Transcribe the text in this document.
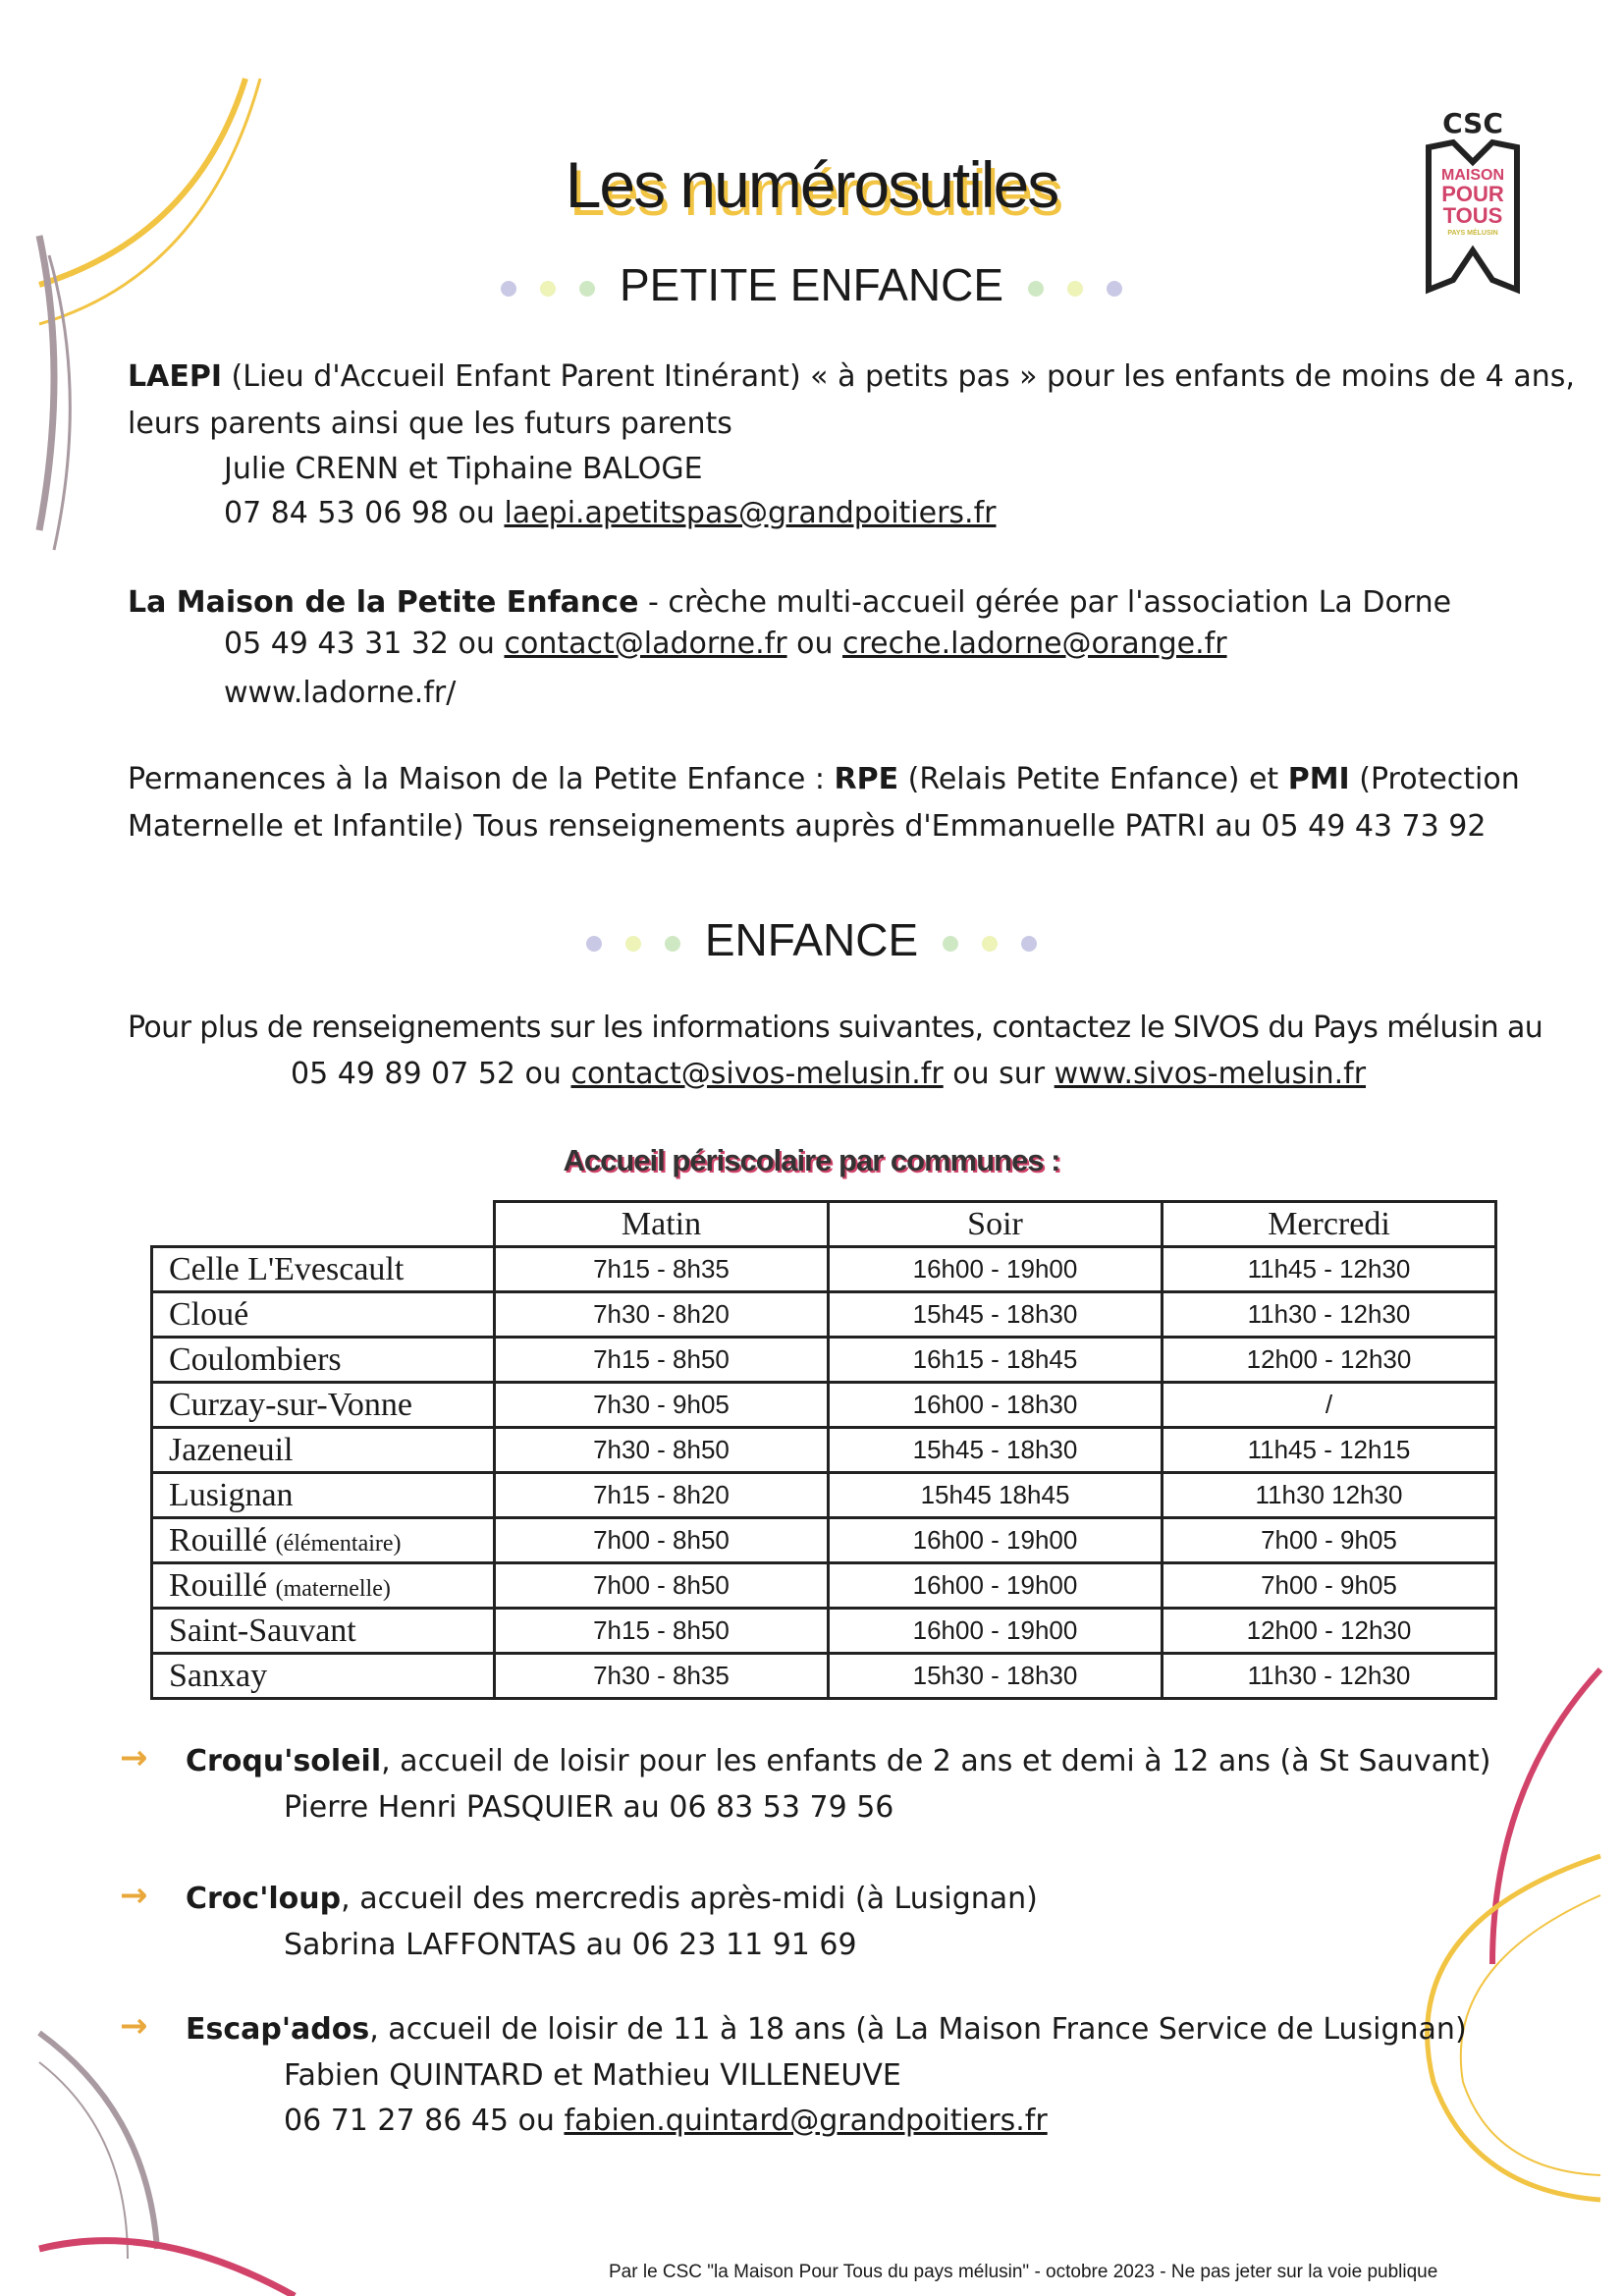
CSC
MAISON
POUR
TOUS
PAYS MÉLUSIN
Les numérosutiles
PETITE ENFANCE
LAEPI (Lieu d'Accueil Enfant Parent Itinérant) « à petits pas » pour les enfants de moins de 4 ans,
leurs parents ainsi que les futurs parents
Julie CRENN et Tiphaine BALOGE
07 84 53 06 98 ou laepi.apetitspas@grandpoitiers.fr
La Maison de la Petite Enfance - crèche multi-accueil gérée par l'association La Dorne
05 49 43 31 32 ou contact@ladorne.fr ou creche.ladorne@orange.fr
www.ladorne.fr/
Permanences à la Maison de la Petite Enfance : RPE (Relais Petite Enfance) et PMI (Protection
Maternelle et Infantile) Tous renseignements auprès d'Emmanuelle PATRI au 05 49 43 73 92
ENFANCE
Pour plus de renseignements sur les informations suivantes, contactez le SIVOS du Pays mélusin au
05 49 89 07 52 ou contact@sivos-melusin.fr ou sur www.sivos-melusin.fr
Accueil périscolaire par communes :
	Matin	Soir	Mercredi
Celle L'Evescault	7h15 - 8h35	16h00 - 19h00	11h45 - 12h30
Cloué	7h30 - 8h20	15h45 - 18h30	11h30 - 12h30
Coulombiers	7h15 - 8h50	16h15 - 18h45	12h00 - 12h30
Curzay-sur-Vonne	7h30 - 9h05	16h00 - 18h30	/
Jazeneuil	7h30 - 8h50	15h45 - 18h30	11h45 - 12h15
Lusignan	7h15 - 8h20	15h45 18h45	11h30 12h30
Rouillé (élémentaire)	7h00 - 8h50	16h00 - 19h00	7h00 - 9h05
Rouillé (maternelle)	7h00 - 8h50	16h00 - 19h00	7h00 - 9h05
Saint-Sauvant	7h15 - 8h50	16h00 - 19h00	12h00 - 12h30
Sanxay	7h30 - 8h35	15h30 - 18h30	11h30 - 12h30
→ Croqu'soleil, accueil de loisir pour les enfants de 2 ans et demi à 12 ans (à St Sauvant)
Pierre Henri PASQUIER au 06 83 53 79 56
→ Croc'loup, accueil des mercredis après-midi (à Lusignan)
Sabrina LAFFONTAS au 06 23 11 91 69
→ Escap'ados, accueil de loisir de 11 à 18 ans (à La Maison France Service de Lusignan)
Fabien QUINTARD et Mathieu VILLENEUVE
06 71 27 86 45 ou fabien.quintard@grandpoitiers.fr
Par le CSC "la Maison Pour Tous du pays mélusin" - octobre 2023 - Ne pas jeter sur la voie publique
